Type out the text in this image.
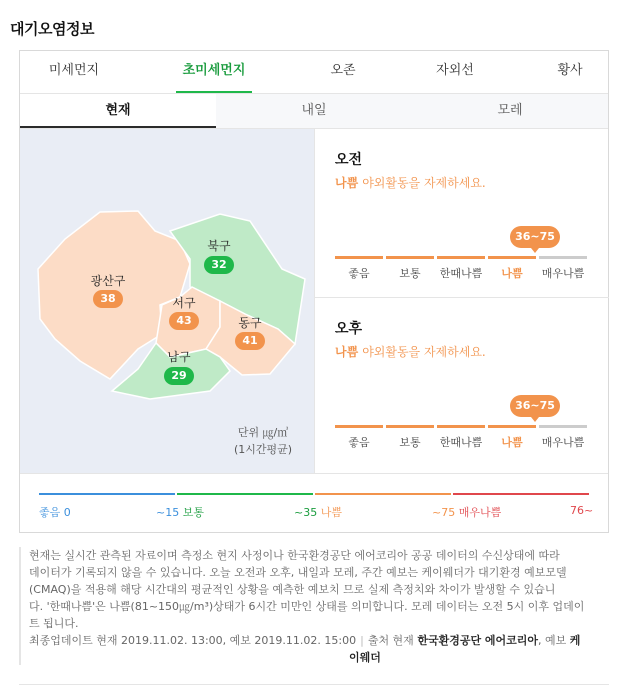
대기오염정보
미세먼지	초미세먼지	오존	자외선	황사
현재	내일	모레
광산구
38
북구
32
서구
43	동구
41
남구
29
단위 ㎍/㎥
(1시간평균)
오전
나쁨 야외활동을 자제하세요.
36~75
좋음	보통	한때나쁨	나쁨	매우나쁨
오후
나쁨 야외활동을 자제하세요.
36~75
좋음	보통	한때나쁨	나쁨	매우나쁨
좋음 0	~15 보통	~35 나쁨	~75 매우나쁨	76~

현재는 실시간 관측된 자료이며 측정소 현지 사정이나 한국환경공단 에어코리아 공공 데이터의 수신상태에 따라

데이터가 기록되지 않을 수 있습니다. 오늘 오전과 오후, 내일과 모레, 주간 예보는 케이웨더가 대기환경 예보모델

(CMAQ)을 적용해 해당 시간대의 평균적인 상황을 예측한 예보치 므로 실제 측정치와 차이가 발생할 수 있습니

다. '한때나쁨'은 나쁨(81~150㎍/m³)상태가 6시간 미만인 상태를 의미합니다. 모레 데이터는 오전 5시 이후 업데이

트 됩니다.

최종업데이트 현재 2019.11.02. 13:00, 예보 2019.11.02. 15:00 | 출처 현재 한국환경공단 에어코리아, 예보 케

이웨더
